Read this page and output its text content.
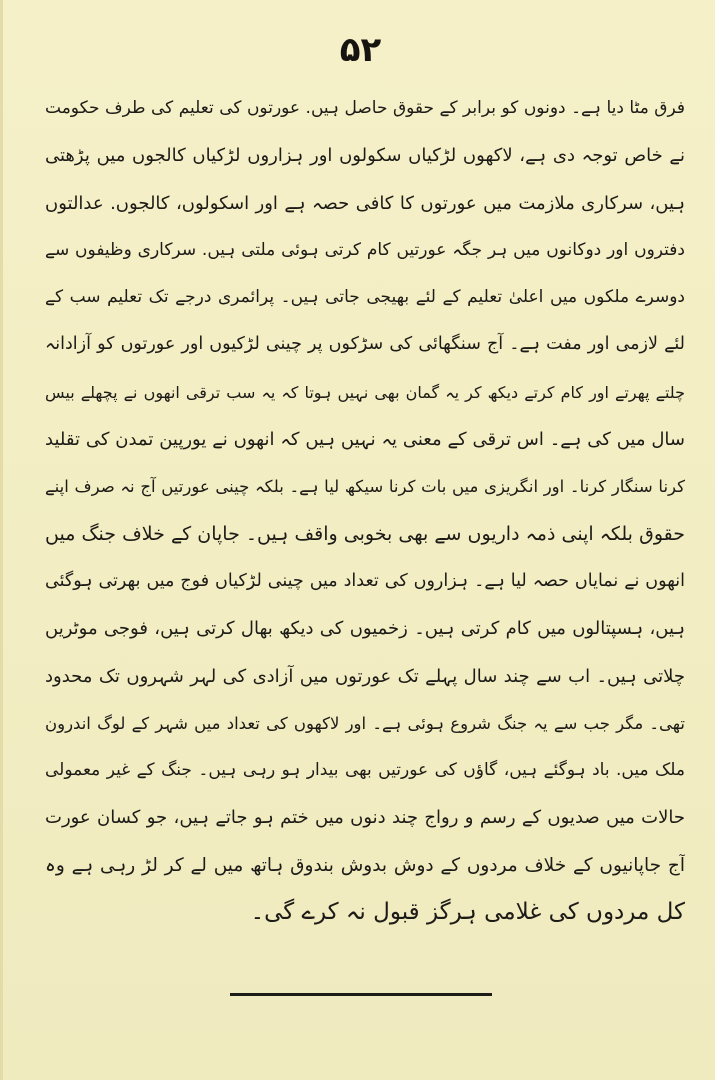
۵۲
فرق مٹا دیا ہے۔ دونوں کو برابر کے حقوق حاصل ہیں. عورتوں کی تعلیم کی طرف حکومت
نے خاص توجہ دی ہے، لاکھوں لڑکیاں سکولوں اور ہزاروں لڑکیاں کالجوں میں پڑھتی
ہیں، سرکاری ملازمت میں عورتوں کا کافی حصہ ہے اور اسکولوں، کالجوں. عدالتوں
دفتروں اور دوکانوں میں ہر جگہ عورتیں کام کرتی ہوئی ملتی ہیں. سرکاری وظیفوں سے
دوسرے ملکوں میں اعلیٰ تعلیم کے لئے بھیجی جاتی ہیں۔ پرائمری درجے تک تعلیم سب کے
لئے لازمی اور مفت ہے۔ آج سنگھائی کی سڑکوں پر چینی لڑکیوں اور عورتوں کو آزادانہ
چلتے پھرتے اور کام کرتے دیکھ کر یہ گمان بھی نہیں ہوتا کہ یہ سب ترقی انھوں نے پچھلے بیس
سال میں کی ہے۔ اس ترقی کے معنی یہ نہیں ہیں کہ انھوں نے یورپین تمدن کی تقلید
کرنا سنگار کرنا۔ اور انگریزی میں بات کرنا سیکھ لیا ہے۔ بلکہ چینی عورتیں آج نہ صرف اپنے
حقوق بلکہ اپنی ذمہ داریوں سے بھی بخوبی واقف ہیں۔ جاپان کے خلاف جنگ میں
انھوں نے نمایاں حصہ لیا ہے۔ ہزاروں کی تعداد میں چینی لڑکیاں فوج میں بھرتی ہوگئی
ہیں، ہسپتالوں میں کام کرتی ہیں۔ زخمیوں کی دیکھ بھال کرتی ہیں، فوجی موٹریں
چلاتی ہیں۔ اب سے چند سال پہلے تک عورتوں میں آزادی کی لہر شہروں تک محدود
تھی۔ مگر جب سے یہ جنگ شروع ہوئی ہے۔ اور لاکھوں کی تعداد میں شہر کے لوگ اندرون
ملک میں. باد ہوگئے ہیں، گاؤں کی عورتیں بھی بیدار ہو رہی ہیں۔ جنگ کے غیر معمولی
حالات میں صدیوں کے رسم و رواج چند دنوں میں ختم ہو جاتے ہیں، جو کسان عورت
آج جاپانیوں کے خلاف مردوں کے دوش بدوش بندوق ہاتھ میں لے کر لڑ رہی ہے وہ
کل مردوں کی غلامی ہرگز قبول نہ کرے گی۔
